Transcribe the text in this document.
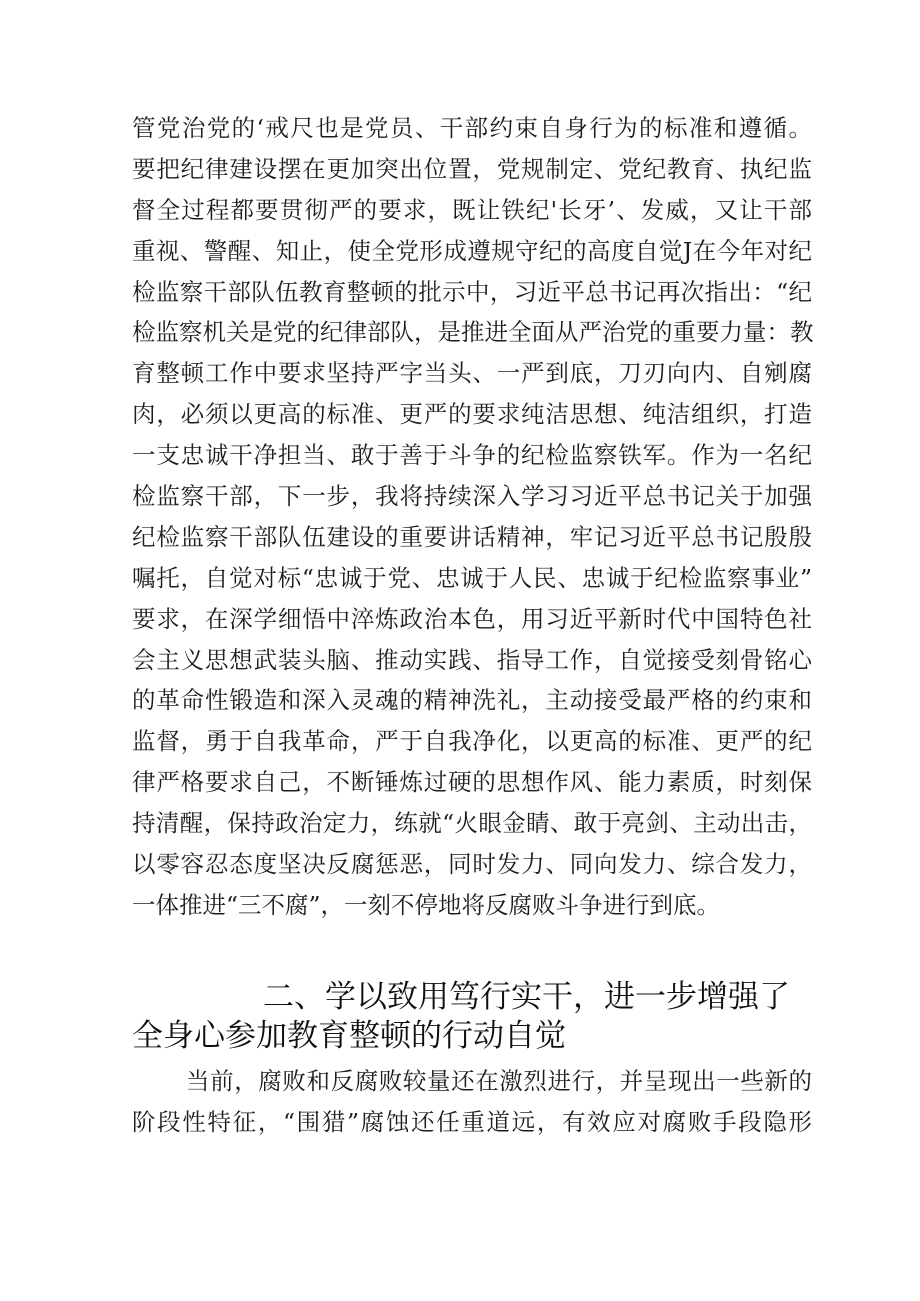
管党治党的‘戒尺也是党员、干部约束自身行为的标准和遵循。
要把纪律建设摆在更加突出位置，党规制定、党纪教育、执纪监
督全过程都要贯彻严的要求，既让铁纪'长牙’、发威，又让干部
重视、警醒、知止，使全党形成遵规守纪的高度自觉J在今年对纪
检监察干部队伍教育整顿的批示中，习近平总书记再次指出：“纪
检监察机关是党的纪律部队，是推进全面从严治党的重要力量：教
育整顿工作中要求坚持严字当头、一严到底，刀刃向内、自剜腐
肉，必须以更高的标准、更严的要求纯洁思想、纯洁组织，打造
一支忠诚干净担当、敢于善于斗争的纪检监察铁军。作为一名纪
检监察干部，下一步，我将持续深入学习习近平总书记关于加强
纪检监察干部队伍建设的重要讲话精神，牢记习近平总书记殷殷
嘱托，自觉对标“忠诚于党、忠诚于人民、忠诚于纪检监察事业”
要求，在深学细悟中淬炼政治本色，用习近平新时代中国特色社
会主义思想武装头脑、推动实践、指导工作，自觉接受刻骨铭心
的革命性锻造和深入灵魂的精神洗礼，主动接受最严格的约束和
监督，勇于自我革命，严于自我净化，以更高的标准、更严的纪
律严格要求自己，不断锤炼过硬的思想作风、能力素质，时刻保
持清醒，保持政治定力，练就“火眼金睛、敢于亮剑、主动出击，
以零容忍态度坚决反腐惩恶，同时发力、同向发力、综合发力，
一体推进“三不腐”，一刻不停地将反腐败斗争进行到底。
二、学以致用笃行实干，进一步增强了
全身心参加教育整顿的行动自觉
当前，腐败和反腐败较量还在激烈进行，并呈现出一些新的
阶段性特征，“围猎”腐蚀还任重道远，有效应对腐败手段隐形
